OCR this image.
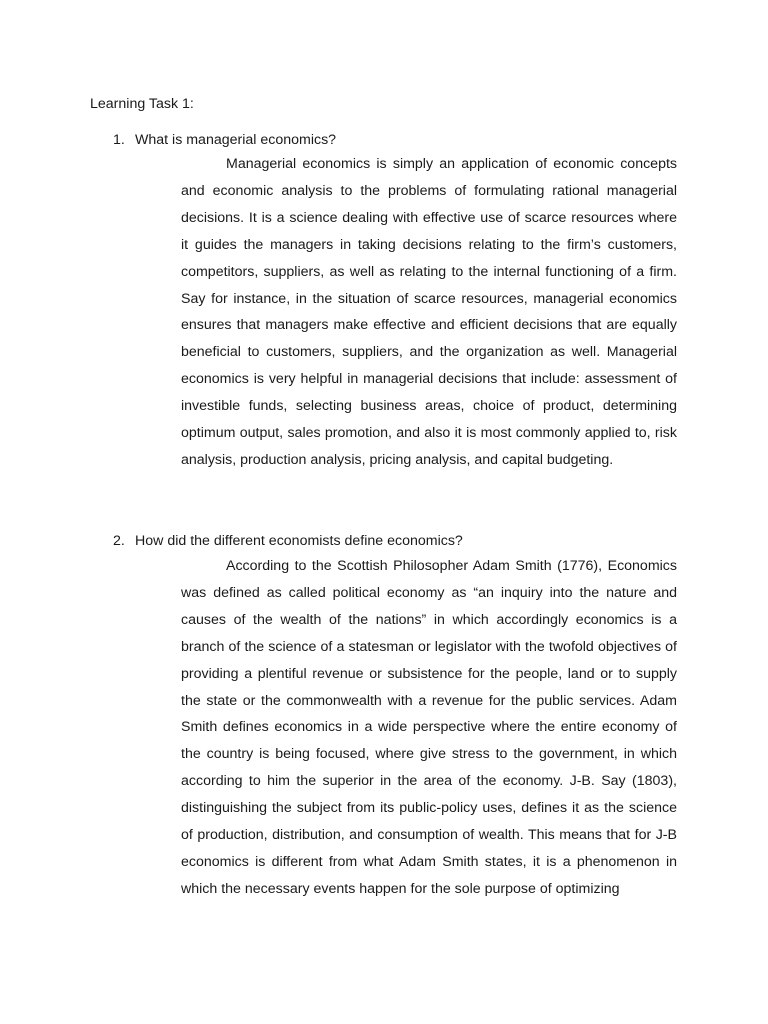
Learning Task 1:

1. What is managerial economics?

Managerial economics is simply an application of economic concepts and economic analysis to the problems of formulating rational managerial decisions. It is a science dealing with effective use of scarce resources where it guides the managers in taking decisions relating to the firm’s customers, competitors, suppliers, as well as relating to the internal functioning of a firm. Say for instance, in the situation of scarce resources, managerial economics ensures that managers make effective and efficient decisions that are equally beneficial to customers, suppliers, and the organization as well. Managerial economics is very helpful in managerial decisions that include: assessment of investible funds, selecting business areas, choice of product, determining optimum output, sales promotion, and also it is most commonly applied to, risk analysis, production analysis, pricing analysis, and capital budgeting.

2. How did the different economists define economics?

According to the Scottish Philosopher Adam Smith (1776), Economics was defined as called political economy as “an inquiry into the nature and causes of the wealth of the nations” in which accordingly economics is a branch of the science of a statesman or legislator with the twofold objectives of providing a plentiful revenue or subsistence for the people, land or to supply the state or the commonwealth with a revenue for the public services. Adam Smith defines economics in a wide perspective where the entire economy of the country is being focused, where give stress to the government, in which according to him the superior in the area of the economy. J-B. Say (1803), distinguishing the subject from its public-policy uses, defines it as the science of production, distribution, and consumption of wealth. This means that for J-B economics is different from what Adam Smith states, it is a phenomenon in which the necessary events happen for the sole purpose of optimizing
